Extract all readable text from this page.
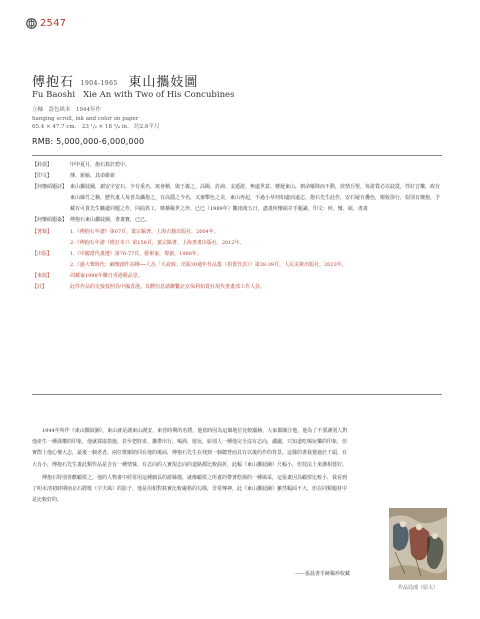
2547
傅抱石 1904-1965 東山攜妓圖
Fu Baoshi Xie An with Two of His Concubines
立軸　設色紙本　1944年作
hanging scroll, ink and color on paper
65.4 × 47.7 cm.　23 ¹/₂ × 18 ³/₄ in.　約2.6平尺
RMB: 5,000,000-6,000,000
【鈐款】	甲申夏月，抱石寫於碧中。
【印文】	傳、新喻、其命維新
【何懷碩題詩】 東山攜妓圖，謝安字安石，少有重名，寓會稽，與王羲之、高陽、許詢、支遁游，無處世意，棲遲東山，朝命屢降而不動，放情丘壑，每游賞必以妓從，性好音樂，政有東山絲竹之稱，歷代畫人每喜為攝抱之，有高隱之今名，又兼擊色之美，東山再起，不過小草何如處而遠志，抱石先生此作，安石疑有疊色，姬妝徐行，似別有懷抱，予藏有可貴先生曠處同題之作，同曲異工，嘆稱稀世之珍，已巳（1989年）觀雨後五日，盡畫何懷碩并手題識，印文：何、懷、碩、書畫
【何懷碩題簽】 傅抱石東山攜妓圖，書畫寶，已巳。
【著錄】	1.《傅抱石年譜》第67頁，葉宗鎬著，上海古籍出版社，2004年。
2.《傅抱石年譜（增訂本）》第158頁，葉宗鎬著，上海書畫出版社，2012年。
【出版】	1.《中國當代畫選》第76-77頁，藝術家，偉創，1988年。
2.《盛大聲時代：緬懷創作高峰──人為「大寂廓」出版30週年作品集（拍賣代表）》第38-39頁，人民美術出版社，2023年。
【來源】	周藏家1988年購自香港藝品堂。
【註】	此件作品的交接按照為中國香港，具體信息請聯繫北京保利拍賣社現代書畫部工作人員。

1944年所作《東山攜妓圖》，東山就是謝東山謝安，東晉時期的名將，他當時因為這個地位比較顯赫，大家都關注他，他為了不要讓別人對他產生一種謀權的印象，他就採取措施，甚至把財產、攜帶出行，喝酒，遊玩，給別人一種他完全沒有志向，瀟灑，只知道吃喝玩樂的印象，但實際上他心懷大志，最後一個老者，兩位歌姬陪同在他的後面，傅抱石先生在找到一個聰慧而具有以後的作的背景，這樣的書我覺過於千頭，有大有小，傅抱石先生畫此類作品是含有一種情愫，有志向的人實現志向的道路都比較曲折，此幅《東山攜妓圖》尺幅小，但技法上來講相當好。

傅抱石特別喜歡顧愷之，他的人物畫中經常用這種細長的游絲描，就像顧愷之所畫的帶著悠揚的一種風采，這張畫因為顧愷比較小，我看到了明末清初時期南京石將歌（宇夫風）的影子，他是用相對寫實比較嚴格的勾描，非常傳神，此《東山攜妓圖》雖然幅面不大，但在同類題材中是比較好的。

——張晨書手跡稀珍收藏
作品局部（原大）
